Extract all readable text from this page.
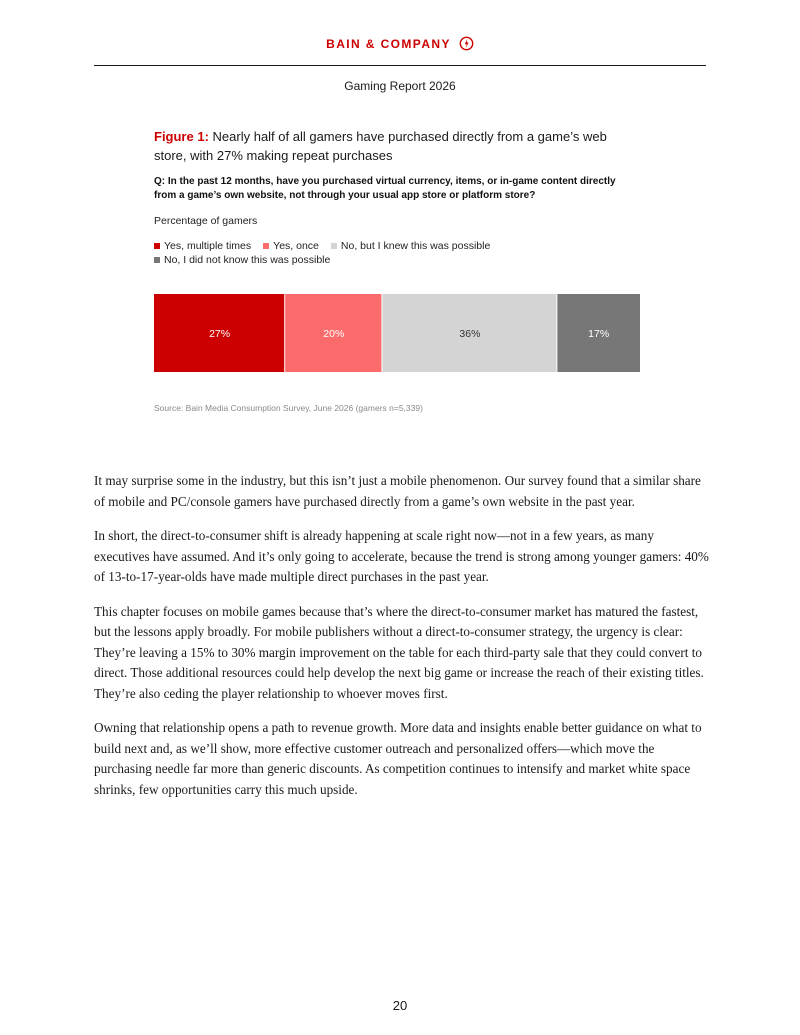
BAIN & COMPANY
Gaming Report 2026

Figure 1: Nearly half of all gamers have purchased directly from a game’s web store, with 27% making repeat purchases

Q: In the past 12 months, have you purchased virtual currency, items, or in-game content directly from a game’s own website, not through your usual app store or platform store?
Percentage of gamers
Yes, multiple times Yes, once No, but I knew this was possible
No, I did not know this was possible
27%	20%	36%	17%
Source: Bain Media Consumption Survey, June 2026 (gamers n=5,339)

It may surprise some in the industry, but this isn’t just a mobile phenomenon. Our survey found that a similar share of mobile and PC/console gamers have purchased directly from a game’s own website in the past year.

In short, the direct-to-consumer shift is already happening at scale right now—not in a few years, as many executives have assumed. And it’s only going to accelerate, because the trend is strong among younger gamers: 40% of 13-to-17-year-olds have made multiple direct purchases in the past year.

This chapter focuses on mobile games because that’s where the direct-to-consumer market has matured the fastest, but the lessons apply broadly. For mobile publishers without a direct-to-consumer strategy, the urgency is clear: They’re leaving a 15% to 30% margin improvement on the table for each third-party sale that they could convert to direct. Those additional resources could help develop the next big game or increase the reach of their existing titles. They’re also ceding the player relationship to whoever moves first.

Owning that relationship opens a path to revenue growth. More data and insights enable better guidance on what to build next and, as we’ll show, more effective customer outreach and personalized offers—which move the purchasing needle far more than generic discounts. As competition continues to intensify and market white space shrinks, few opportunities carry this much upside.

20
